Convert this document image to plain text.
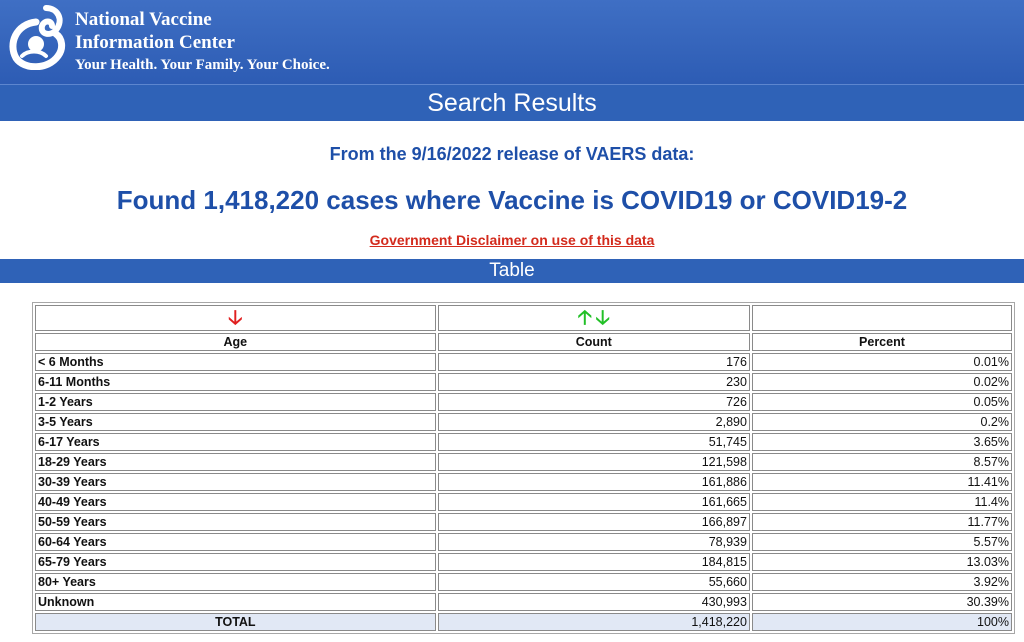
National Vaccine
Information Center
Your Health. Your Family. Your Choice.
Search Results
From the 9/16/2022 release of VAERS data:
Found 1,418,220 cases where Vaccine is COVID19 or COVID19-2
Government Disclaimer on use of this data
Table
🡣	🡡 🡣	
Age	Count	Percent
< 6 Months	176	0.01%
6-11 Months	230	0.02%
1-2 Years	726	0.05%
3-5 Years	2,890	0.2%
6-17 Years	51,745	3.65%
18-29 Years	121,598	8.57%
30-39 Years	161,886	11.41%
40-49 Years	161,665	11.4%
50-59 Years	166,897	11.77%
60-64 Years	78,939	5.57%
65-79 Years	184,815	13.03%
80+ Years	55,660	3.92%
Unknown	430,993	30.39%
TOTAL	1,418,220	100%
